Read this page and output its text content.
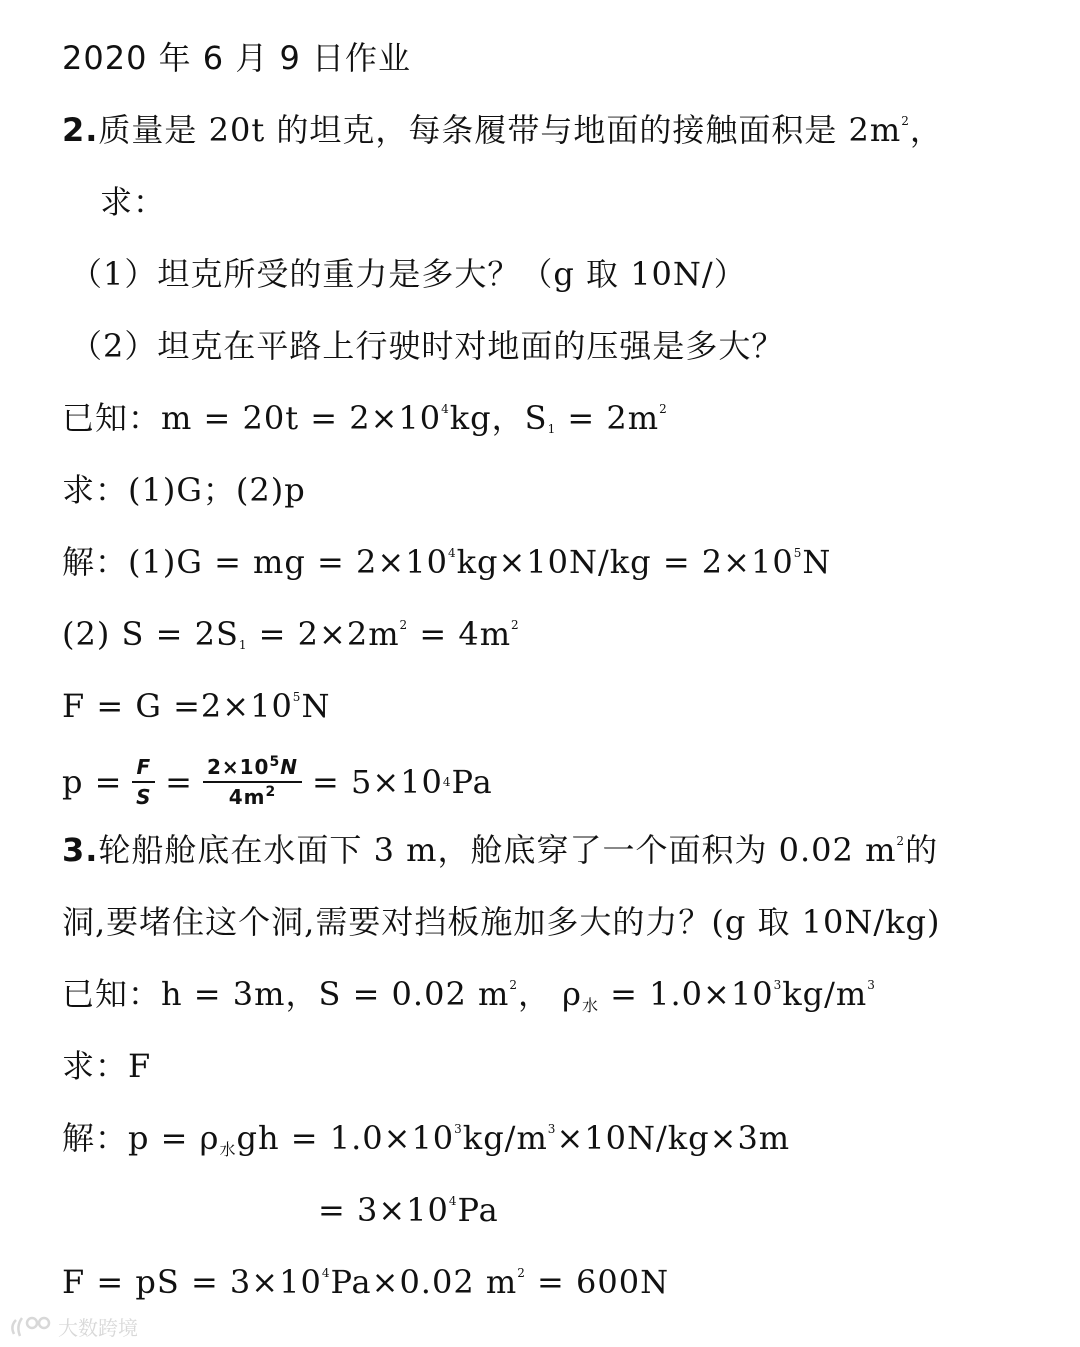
2020 年 6 月 9 日作业
2.质量是 20t 的坦克，每条履带与地面的接触面积是 $2m^2$，
求：
（1）坦克所受的重力是多大？（g 取 10N/）
（2）坦克在平路上行驶时对地面的压强是多大？
已知：$m = 20t = 2\times 10^4kg$，$S_1 = 2m^2$
求：(1)G；(2)p
解：(1)G = mg = $2\times 10^4kg\times 10N/kg = 2\times 10^5N$
(2) $S = 2S_1 = 2\times 2m^2 = 4m^2$
$F = G =2\times 10^5N$
$p = \frac{F}{S} = \frac{2\times 10^5N}{4m^2} = 5\times 10$ 4 Pa
3.轮船舱底在水面下 3 m，舱底穿了一个面积为 0.02 $m^2$的
洞,要堵住这个洞,需要对挡板施加多大的力？(g 取 10N/kg)
已知：h = 3m，S = 0.02 $m^2$， ρ水 = $1.0\times 10^3kg/m^3$
求：F
解：p = ρ水gh = $1.0\times 10^3kg/m^3\times 10N/kg\times 3m$
= $3\times 10^4Pa$
F = pS = $3\times 10^4Pa\times 0.02$ $m^2 = 600N$
大数跨境
